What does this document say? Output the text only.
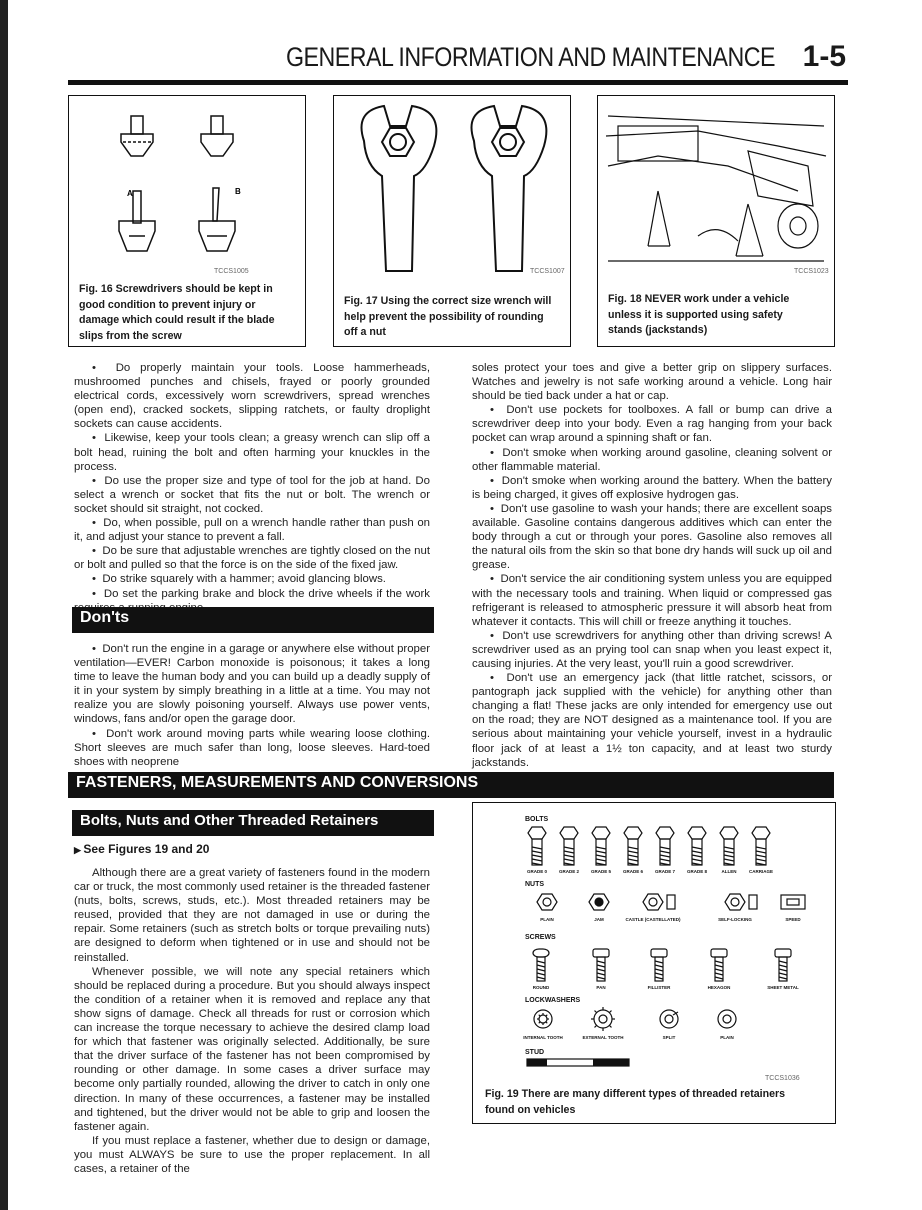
GENERAL INFORMATION AND MAINTENANCE 1-5
A	B
TCCS1005
Fig. 16 Screwdrivers should be kept in good condition to prevent injury or damage which could result if the blade slips from the screw
TCCS1007
Fig. 17 Using the correct size wrench will help prevent the possibility of rounding off a nut
TCCS1023
Fig. 18 NEVER work under a vehicle unless it is supported using safety stands (jackstands)

•  Do properly maintain your tools. Loose hammerheads, mushroomed punches and chisels, frayed or poorly grounded electrical cords, excessively worn screwdrivers, spread wrenches (open end), cracked sockets, slipping ratchets, or faulty droplight sockets can cause accidents.

•  Likewise, keep your tools clean; a greasy wrench can slip off a bolt head, ruining the bolt and often harming your knuckles in the process.

•  Do use the proper size and type of tool for the job at hand. Do select a wrench or socket that fits the nut or bolt. The wrench or socket should sit straight, not cocked.

•  Do, when possible, pull on a wrench handle rather than push on it, and adjust your stance to prevent a fall.

•  Do be sure that adjustable wrenches are tightly closed on the nut or bolt and pulled so that the force is on the side of the fixed jaw.

•  Do strike squarely with a hammer; avoid glancing blows.

•  Do set the parking brake and block the drive wheels if the work

Don'ts

•  Don't run the engine in a garage or anywhere else without proper ventilation—EVER! Carbon monoxide is poisonous; it takes a long time to leave the human body and you can build up a deadly supply of it in your system by simply breathing in a little at a time. You may not realize you are slowly poisoning yourself. Always use power vents, windows, fans and/or open the garage door.

•  Don't work around moving parts while wearing loose clothing. Short sleeves are much safer than long, loose sleeves. Hard-toed shoes with neoprene

soles protect your toes and give a better grip on slippery surfaces. Watches and jewelry is not safe working around a vehicle. Long hair should be tied back under a hat or cap.

•  Don't use pockets for toolboxes. A fall or bump can drive a screwdriver deep into your body. Even a rag hanging from your back pocket can wrap around a spinning shaft or fan.

•  Don't smoke when working around gasoline, cleaning solvent or other flammable material.

•  Don't smoke when working around the battery. When the battery is being charged, it gives off explosive hydrogen gas.

•  Don't use gasoline to wash your hands; there are excellent soaps available. Gasoline contains dangerous additives which can enter the body through a cut or through your pores. Gasoline also removes all the natural oils from the skin so that bone dry hands will suck up oil and grease.

•  Don't service the air conditioning system unless you are equipped with the necessary tools and training. When liquid or compressed gas refrigerant is released to atmospheric pressure it will absorb heat from whatever it contacts. This will chill or freeze anything it touches.

•  Don't use screwdrivers for anything other than driving screws! A screwdriver used as an prying tool can snap when you least expect it, causing injuries. At the very least, you'll ruin a good screwdriver.

•  Don't use an emergency jack (that little ratchet, scissors, or pantograph jack supplied with the vehicle) for anything other than changing a flat! These jacks are only intended for emergency use out on the road; they are NOT designed as a maintenance tool. If you are serious about maintaining your vehicle yourself, invest in a hydraulic floor jack of at least a 1½ ton capacity, and at least two sturdy jackstands.

FASTENERS, MEASUREMENTS AND CONVERSIONS
Bolts, Nuts and Other Threaded Retainers
▶ See Figures 19 and 20

Although there are a great variety of fasteners found in the modern car or truck, the most commonly used retainer is the threaded fastener (nuts, bolts, screws, studs, etc.). Most threaded retainers may be reused, provided that they are not damaged in use or during the repair. Some retainers (such as stretch bolts or torque prevailing nuts) are designed to deform when tightened or in use and should not be reinstalled.

Whenever possible, we will note any special retainers which should be replaced during a procedure. But you should always inspect the condition of a retainer when it is removed and replace any that show signs of damage. Check all threads for rust or corrosion which can increase the torque necessary to achieve the desired clamp load for which that fastener was originally selected. Additionally, be sure that the driver surface of the fastener has not been compromised by rounding or other damage. In some cases a driver surface may become only partially rounded, allowing the driver to catch in only one direction. In many of these occurrences, a fastener may be installed and tightened, but the driver would not be able to grip and loosen the fastener again.

If you must replace a fastener, whether due to design or damage, you must ALWAYS be sure to use the proper replacement. In all cases, a retainer of the

BOLTS
NUTS
SCREWS
LOCKWASHERS
STUD
GRADE 0	GRADE 2	GRADE 5	GRADE 6	GRADE 7	GRADE 8	ALLEN	CARRIAGE
PLAIN	JAM	CASTLE (CASTELLATED)	SELF-LOCKING	SPEED
ROUND	PAN	FILLISTER	HEXAGON	SHEET METAL
INTERNAL TOOTH	EXTERNAL TOOTH	SPLIT	PLAIN
TCCS1036
Fig. 19 There are many different types of threaded retainers found on vehicles
